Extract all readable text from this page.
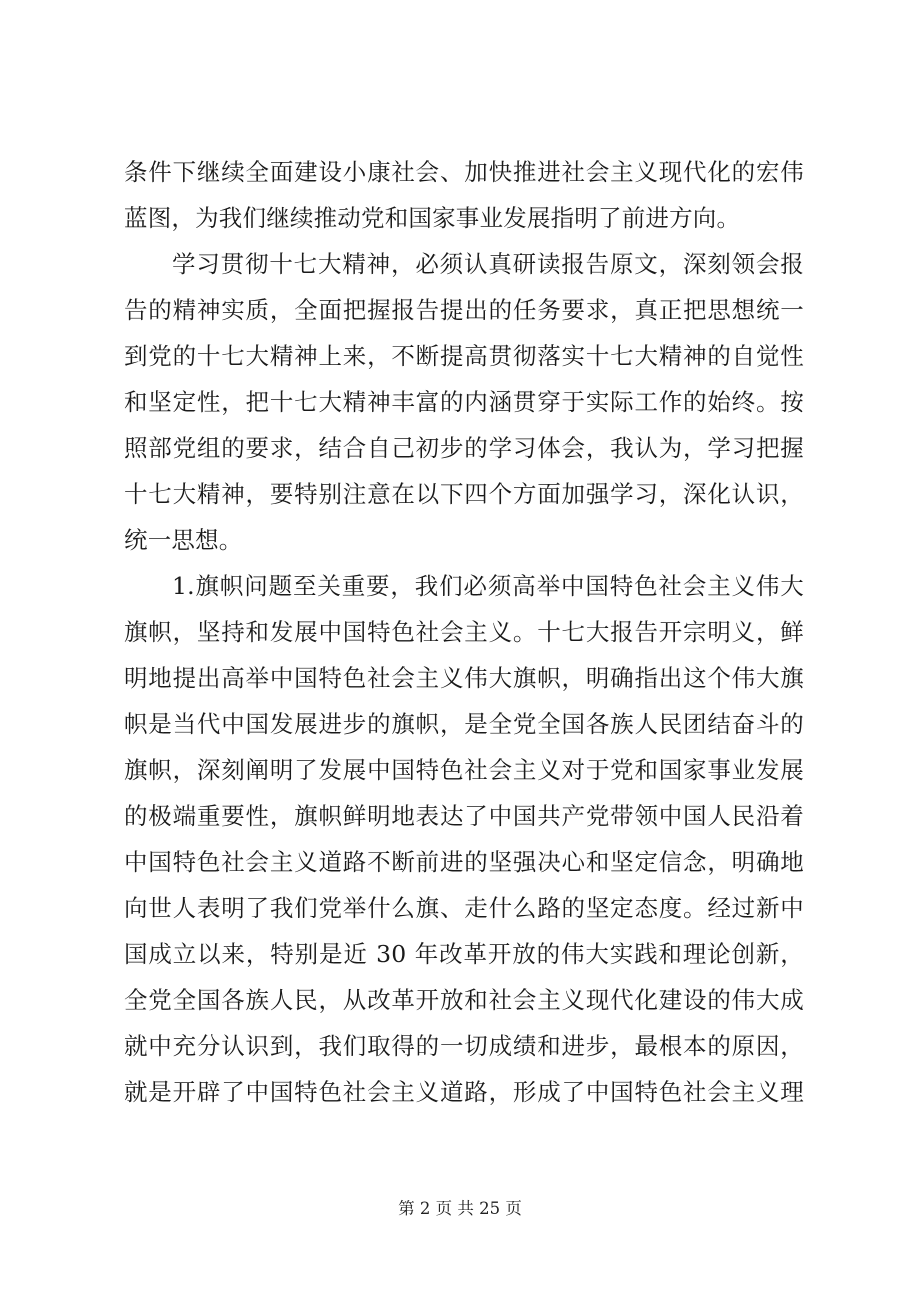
条件下继续全面建设小康社会、加快推进社会主义现代化的宏伟
蓝图，为我们继续推动党和国家事业发展指明了前进方向。
学习贯彻十七大精神，必须认真研读报告原文，深刻领会报
告的精神实质，全面把握报告提出的任务要求，真正把思想统一
到党的十七大精神上来，不断提高贯彻落实十七大精神的自觉性
和坚定性，把十七大精神丰富的内涵贯穿于实际工作的始终。按
照部党组的要求，结合自己初步的学习体会，我认为，学习把握
十七大精神，要特别注意在以下四个方面加强学习，深化认识，
统一思想。
1.旗帜问题至关重要，我们必须高举中国特色社会主义伟大
旗帜，坚持和发展中国特色社会主义。十七大报告开宗明义，鲜
明地提出高举中国特色社会主义伟大旗帜，明确指出这个伟大旗
帜是当代中国发展进步的旗帜，是全党全国各族人民团结奋斗的
旗帜，深刻阐明了发展中国特色社会主义对于党和国家事业发展
的极端重要性，旗帜鲜明地表达了中国共产党带领中国人民沿着
中国特色社会主义道路不断前进的坚强决心和坚定信念，明确地
向世人表明了我们党举什么旗、走什么路的坚定态度。经过新中
国成立以来，特别是近 30 年改革开放的伟大实践和理论创新，
全党全国各族人民，从改革开放和社会主义现代化建设的伟大成
就中充分认识到，我们取得的一切成绩和进步，最根本的原因，
就是开辟了中国特色社会主义道路，形成了中国特色社会主义理
第 2 页 共 25 页
